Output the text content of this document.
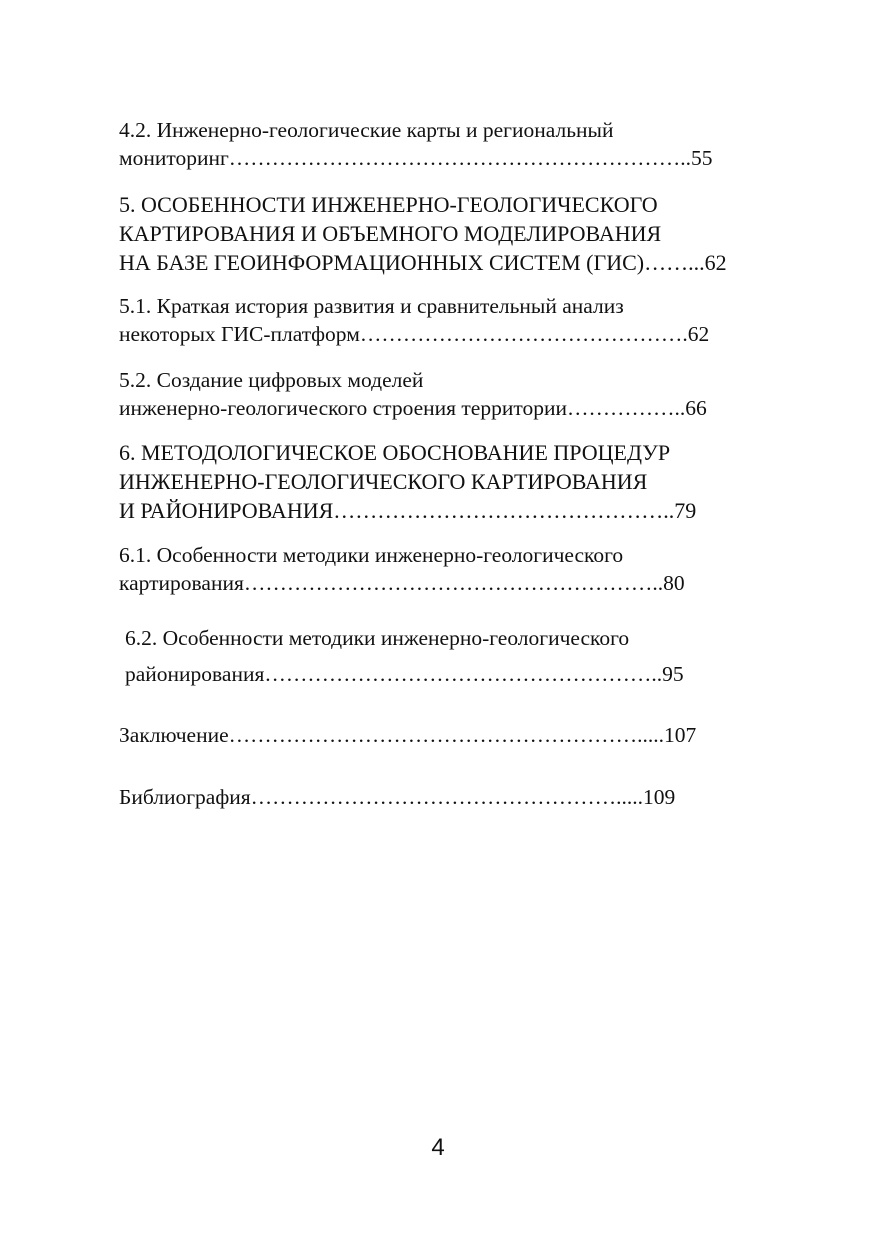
4.2. Инженерно-геологические карты и региональный
мониторинг………………………………………………………..55
5. ОСОБЕННОСТИ ИНЖЕНЕРНО-ГЕОЛОГИЧЕСКОГО
КАРТИРОВАНИЯ И ОБЪЕМНОГО МОДЕЛИРОВАНИЯ
НА БАЗЕ ГЕОИНФОРМАЦИОННЫХ СИСТЕМ (ГИС)……...62
5.1. Краткая история развития и сравнительный анализ
некоторых ГИС-платформ……………………………………….62
5.2. Создание цифровых моделей
инженерно-геологического строения территории……………..66
6. МЕТОДОЛОГИЧЕСКОЕ ОБОСНОВАНИЕ ПРОЦЕДУР
ИНЖЕНЕРНО-ГЕОЛОГИЧЕСКОГО КАРТИРОВАНИЯ
И РАЙОНИРОВАНИЯ………………………………………..79
6.1. Особенности методики инженерно-геологического
картирования…………………………………………………..80
6.2. Особенности методики инженерно-геологического
районирования………………………………………………..95
Заключение………………………………………………….....107
Библиография…………………………………………….....109
4
